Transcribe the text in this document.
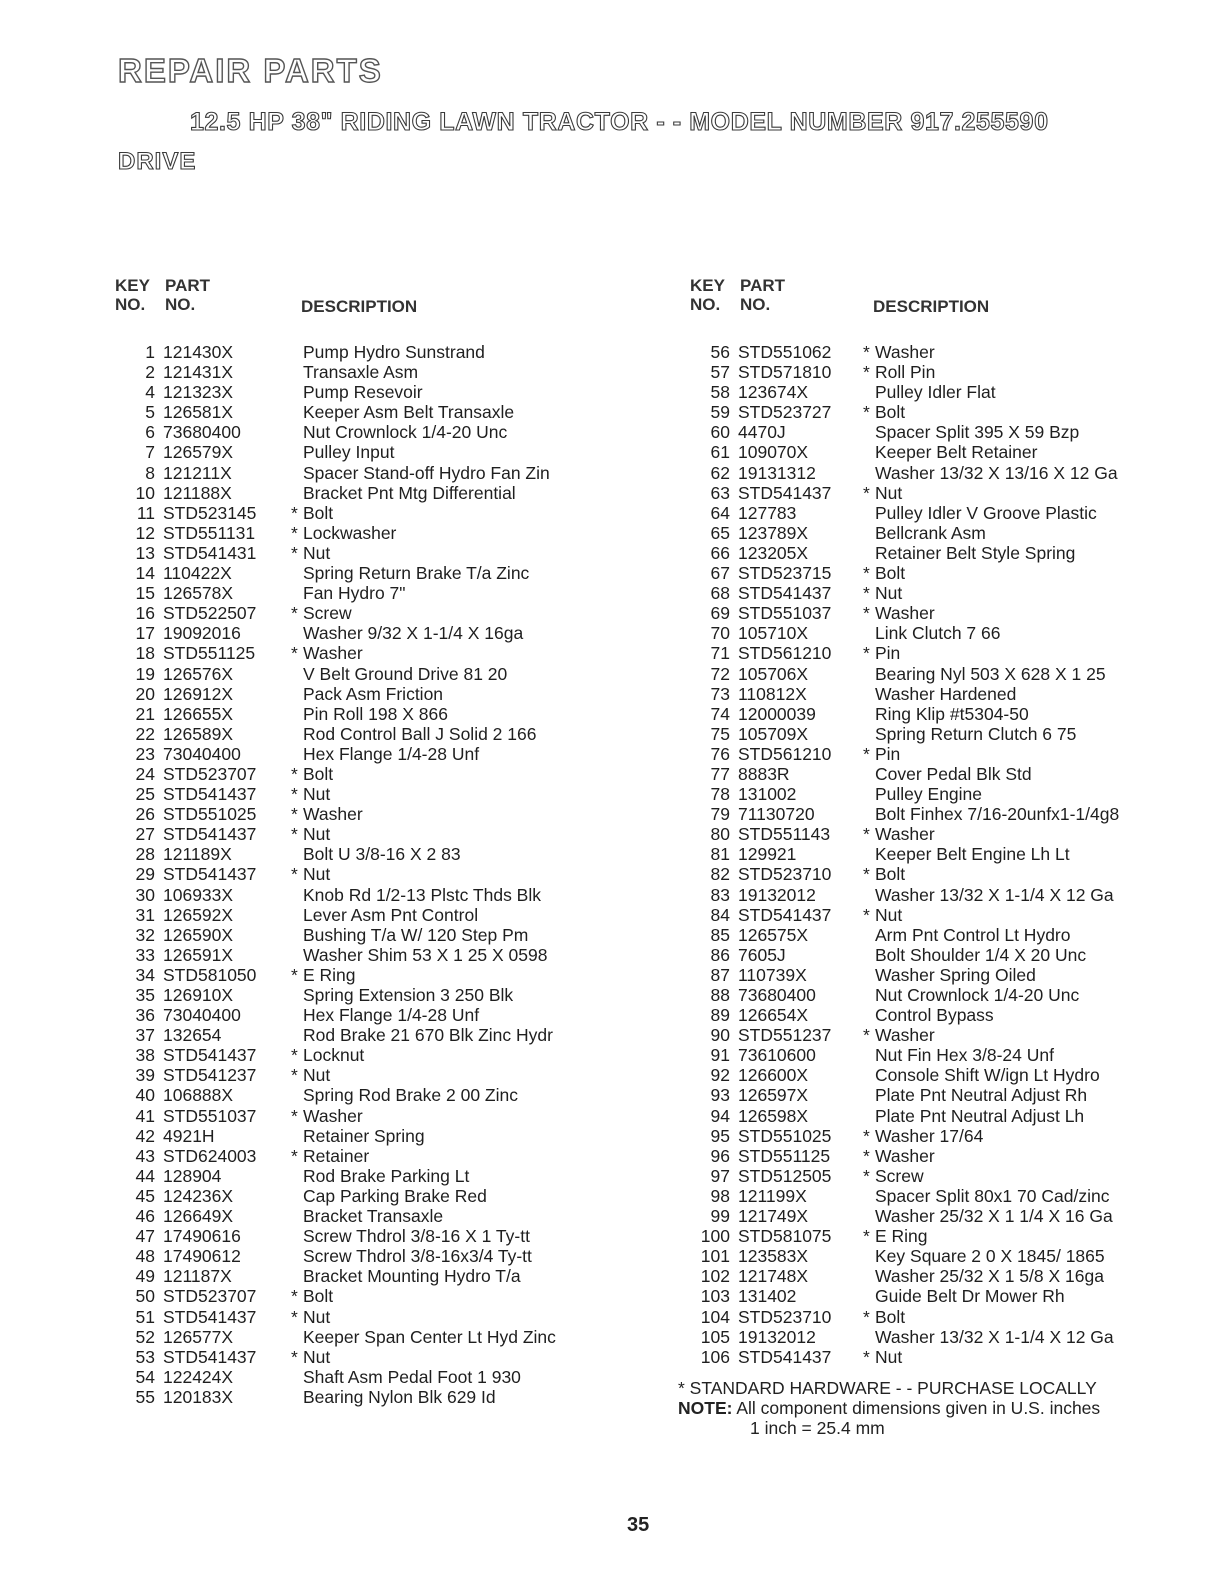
REPAIR PARTS
12.5 HP 38" RIDING LAWN TRACTOR - - MODEL NUMBER 917.255590
DRIVE
KEY
NO.
PART
NO.	DESCRIPTION
1 121430X	Pump Hydro Sunstrand
2 121431X	Transaxle Asm
4 121323X	Pump Resevoir
5 126581X	Keeper Asm Belt Transaxle
6 73680400	Nut Crownlock 1/4-20 Unc
7 126579X	Pulley Input
8 121211X	Spacer Stand-off Hydro Fan Zin
10 121188X	Bracket Pnt Mtg Differential
11 STD523145	* Bolt
12 STD551131	* Lockwasher
13 STD541431	* Nut
14 110422X	Spring Return Brake T/a Zinc
15 126578X	Fan Hydro 7"
16 STD522507	* Screw
17 19092016	Washer 9/32 X 1-1/4 X 16ga
18 STD551125	* Washer
19 126576X	V Belt Ground Drive 81 20
20 126912X	Pack Asm Friction
21 126655X	Pin Roll 198 X 866
22 126589X	Rod Control Ball J Solid 2 166
23 73040400	Hex Flange 1/4-28 Unf
24 STD523707	* Bolt
25 STD541437	* Nut
26 STD551025	* Washer
27 STD541437	* Nut
28 121189X	Bolt U 3/8-16 X 2 83
29 STD541437	* Nut
30 106933X	Knob Rd 1/2-13 Plstc Thds Blk
31 126592X	Lever Asm Pnt Control
32 126590X	Bushing T/a W/ 120 Step Pm
33 126591X	Washer Shim 53 X 1 25 X 0598
34 STD581050	* E Ring
35 126910X	Spring Extension 3 250 Blk
36 73040400	Hex Flange 1/4-28 Unf
37 132654	Rod Brake 21 670 Blk Zinc Hydr
38 STD541437	* Locknut
39 STD541237	* Nut
40 106888X	Spring Rod Brake 2 00 Zinc
41 STD551037	* Washer
42 4921H	Retainer Spring
43 STD624003	* Retainer
44 128904	Rod Brake Parking Lt
45 124236X	Cap Parking Brake Red
46 126649X	Bracket Transaxle
47 17490616	Screw Thdrol 3/8-16 X 1 Ty-tt
48 17490612	Screw Thdrol 3/8-16x3/4 Ty-tt
49 121187X	Bracket Mounting Hydro T/a
50 STD523707	* Bolt
51 STD541437	* Nut
52 126577X	Keeper Span Center Lt Hyd Zinc
53 STD541437	* Nut
54 122424X	Shaft Asm Pedal Foot 1 930
55 120183X	Bearing Nylon Blk 629 Id
KEY
NO.
PART
NO.	DESCRIPTION
56 STD551062	* Washer
57 STD571810	* Roll Pin
58 123674X	Pulley Idler Flat
59 STD523727	* Bolt
60 4470J	Spacer Split 395 X 59 Bzp
61 109070X	Keeper Belt Retainer
62 19131312	Washer 13/32 X 13/16 X 12 Ga
63 STD541437	* Nut
64 127783	Pulley Idler V Groove Plastic
65 123789X	Bellcrank Asm
66 123205X	Retainer Belt Style Spring
67 STD523715	* Bolt
68 STD541437	* Nut
69 STD551037	* Washer
70 105710X	Link Clutch 7 66
71 STD561210	* Pin
72 105706X	Bearing Nyl 503 X 628 X 1 25
73 110812X	Washer Hardened
74 12000039	Ring Klip #t5304-50
75 105709X	Spring Return Clutch 6 75
76 STD561210	* Pin
77 8883R	Cover Pedal Blk Std
78 131002	Pulley Engine
79 71130720	Bolt Finhex 7/16-20unfx1-1/4g8
80 STD551143	* Washer
81 129921	Keeper Belt Engine Lh Lt
82 STD523710	* Bolt
83 19132012	Washer 13/32 X 1-1/4 X 12 Ga
84 STD541437	* Nut
85 126575X	Arm Pnt Control Lt Hydro
86 7605J	Bolt Shoulder 1/4 X 20 Unc
87 110739X	Washer Spring Oiled
88 73680400	Nut Crownlock 1/4-20 Unc
89 126654X	Control Bypass
90 STD551237	* Washer
91 73610600	Nut Fin Hex 3/8-24 Unf
92 126600X	Console Shift W/ign Lt Hydro
93 126597X	Plate Pnt Neutral Adjust Rh
94 126598X	Plate Pnt Neutral Adjust Lh
95 STD551025	* Washer 17/64
96 STD551125	* Washer
97 STD512505	* Screw
98 121199X	Spacer Split 80x1 70 Cad/zinc
99 121749X	Washer 25/32 X 1 1/4 X 16 Ga
100 STD581075	* E Ring
101 123583X	Key Square 2 0 X 1845/ 1865
102 121748X	Washer 25/32 X 1 5/8 X 16ga
103 131402	Guide Belt Dr Mower Rh
104 STD523710	* Bolt
105 19132012	Washer 13/32 X 1-1/4 X 12 Ga
106 STD541437	* Nut
* STANDARD HARDWARE - - PURCHASE LOCALLY
NOTE: All component dimensions given in U.S. inches
1 inch = 25.4 mm
35
